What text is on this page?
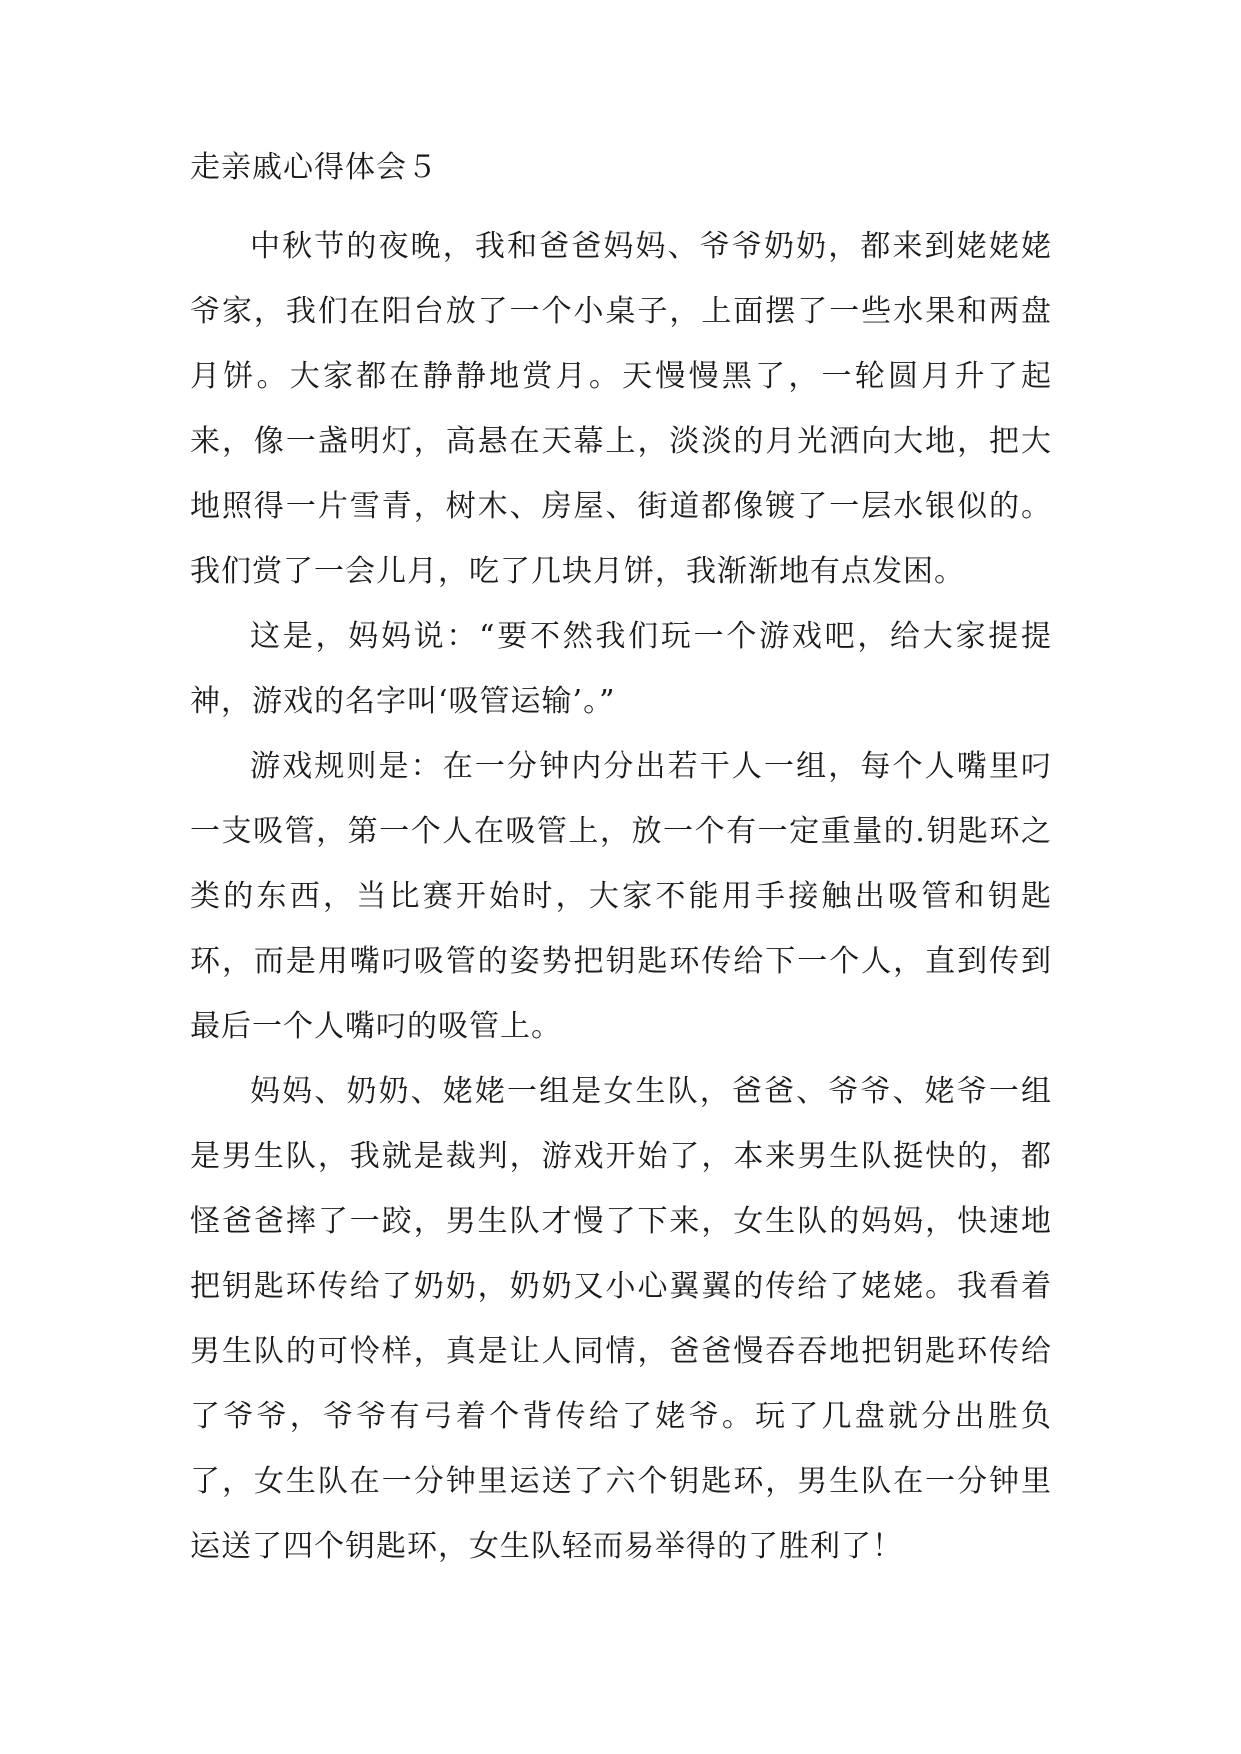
走亲戚心得体会５

中秋节的夜晚，我和爸爸妈妈、爷爷奶奶，都来到姥姥姥爷家，我们在阳台放了一个小桌子，上面摆了一些水果和两盘月饼。大家都在静静地赏月。天慢慢黑了，一轮圆月升了起来，像一盏明灯，高悬在天幕上，淡淡的月光洒向大地，把大地照得一片雪青，树木、房屋、街道都像镀了一层水银似的。我们赏了一会儿月，吃了几块月饼，我渐渐地有点发困。

这是，妈妈说：“要不然我们玩一个游戏吧，给大家提提神，游戏的名字叫‘吸管运输’。”

游戏规则是：在一分钟内分出若干人一组，每个人嘴里叼一支吸管，第一个人在吸管上，放一个有一定重量的.钥匙环之类的东西，当比赛开始时，大家不能用手接触出吸管和钥匙环，而是用嘴叼吸管的姿势把钥匙环传给下一个人，直到传到最后一个人嘴叼的吸管上。

妈妈、奶奶、姥姥一组是女生队，爸爸、爷爷、姥爷一组是男生队，我就是裁判，游戏开始了，本来男生队挺快的，都怪爸爸摔了一跤，男生队才慢了下来，女生队的妈妈，快速地把钥匙环传给了奶奶，奶奶又小心翼翼的传给了姥姥。我看着男生队的可怜样，真是让人同情，爸爸慢吞吞地把钥匙环传给了爷爷，爷爷有弓着个背传给了姥爷。玩了几盘就分出胜负了，女生队在一分钟里运送了六个钥匙环，男生队在一分钟里运送了四个钥匙环，女生队轻而易举得的了胜利了！
